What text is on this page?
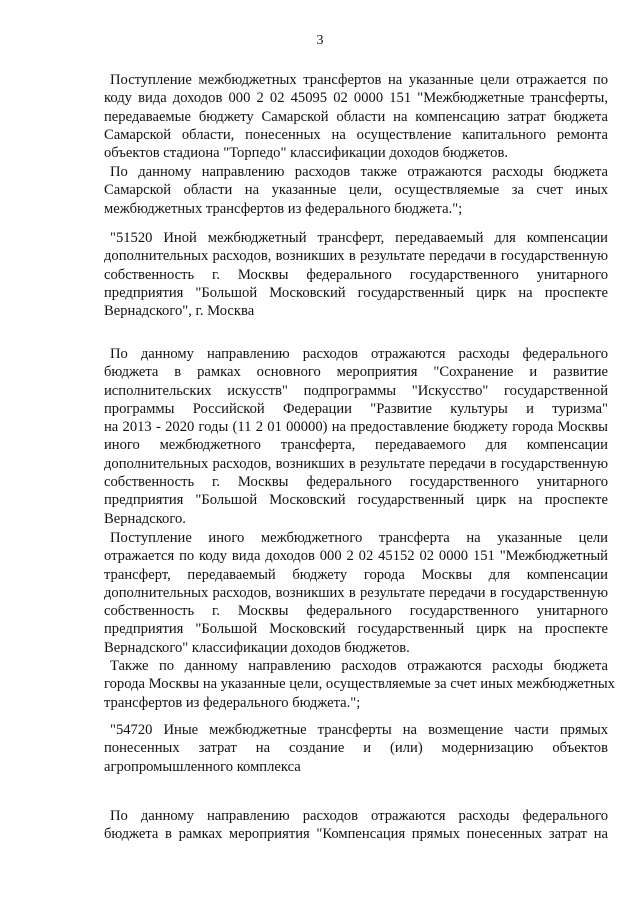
3
Поступление межбюджетных трансфертов на указанные цели отражается по
коду вида доходов 000 2 02 45095 02 0000 151 "Межбюджетные трансферты,
передаваемые бюджету Самарской области на компенсацию затрат бюджета
Самарской области, понесенных на осуществление капитального ремонта
объектов стадиона "Торпедо" классификации доходов бюджетов.
По данному направлению расходов также отражаются расходы бюджета
Самарской области на указанные цели, осуществляемые за счет иных
межбюджетных трансфертов из федерального бюджета.";
"51520 Иной межбюджетный трансферт, передаваемый для компенсации
дополнительных расходов, возникших в результате передачи в государственную
собственность г. Москвы федерального государственного унитарного
предприятия "Большой Московский государственный цирк на проспекте
Вернадского", г. Москва
По данному направлению расходов отражаются расходы федерального
бюджета в рамках основного мероприятия "Сохранение и развитие
исполнительских искусств" подпрограммы "Искусство" государственной
программы Российской Федерации "Развитие культуры и туризма"
на 2013 - 2020 годы (11 2 01 00000) на предоставление бюджету города Москвы
иного межбюджетного трансферта, передаваемого для компенсации
дополнительных расходов, возникших в результате передачи в государственную
собственность г. Москвы федерального государственного унитарного
предприятия "Большой Московский государственный цирк на проспекте
Вернадского.
Поступление иного межбюджетного трансферта на указанные цели
отражается по коду вида доходов 000 2 02 45152 02 0000 151 "Межбюджетный
трансферт, передаваемый бюджету города Москвы для компенсации
дополнительных расходов, возникших в результате передачи в государственную
собственность г. Москвы федерального государственного унитарного
предприятия "Большой Московский государственный цирк на проспекте
Вернадского" классификации доходов бюджетов.
Также по данному направлению расходов отражаются расходы бюджета
города Москвы на указанные цели, осуществляемые за счет иных межбюджетных
трансфертов из федерального бюджета.";
"54720 Иные межбюджетные трансферты на возмещение части прямых
понесенных затрат на создание и (или) модернизацию объектов
агропромышленного комплекса
По данному направлению расходов отражаются расходы федерального
бюджета в рамках мероприятия "Компенсация прямых понесенных затрат на
